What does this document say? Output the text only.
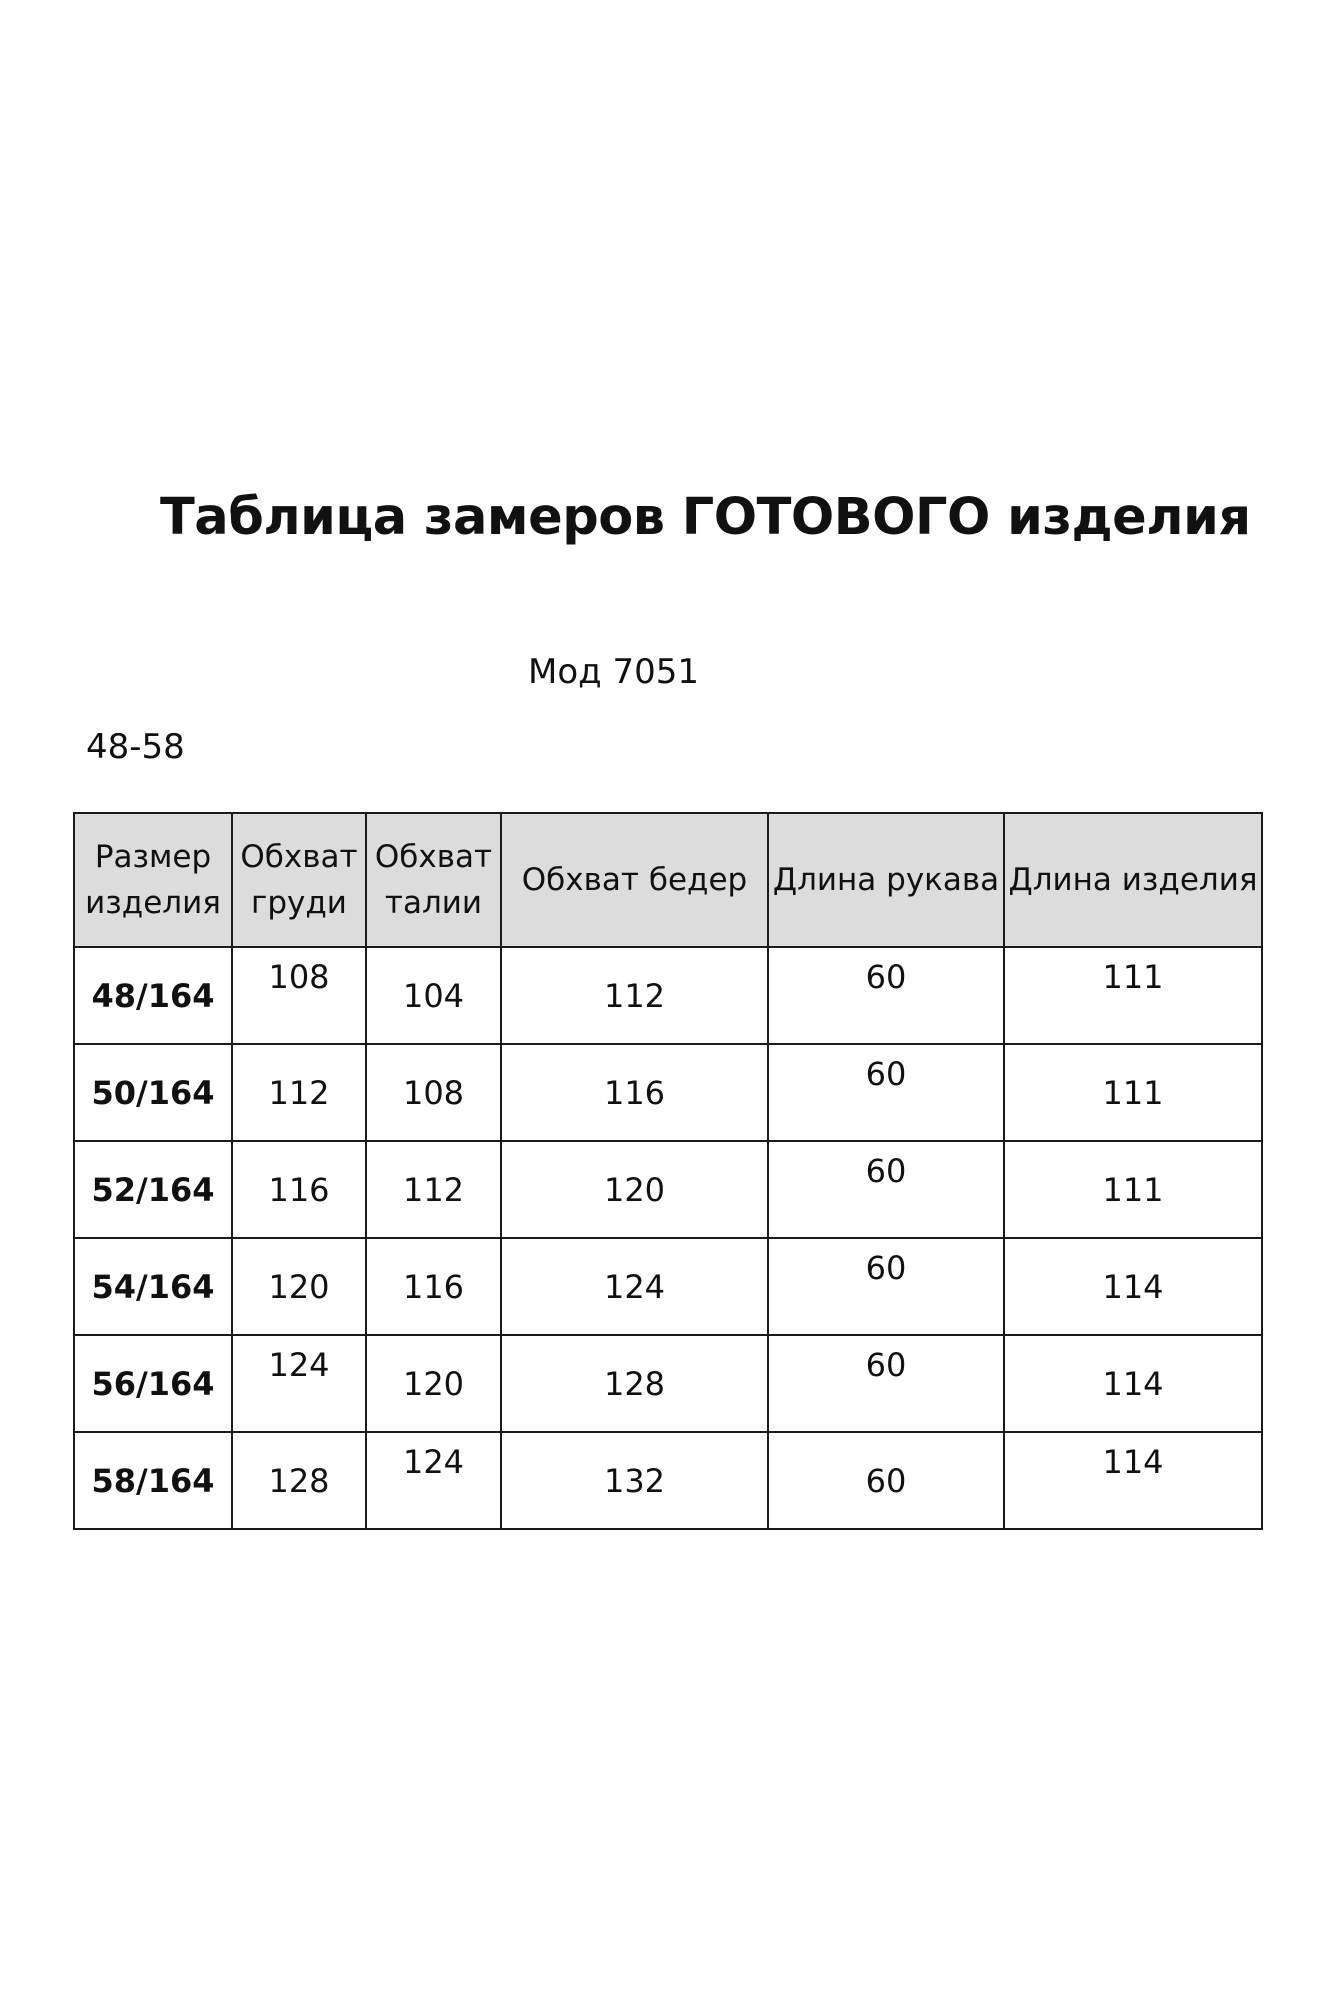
Таблица замеров ГОТОВОГО изделия
Мод 7051
48-58
Размер изделия	Обхват груди	Обхват талии	Обхват бедер	Длина рукава	Длина изделия

48/164	108	104	112	60	111

50/164	112	108	116	60	111

52/164	116	112	120	60	111

54/164	120	116	124	60	114

56/164	124	120	128	60	114

58/164	128	124	132	60	114
